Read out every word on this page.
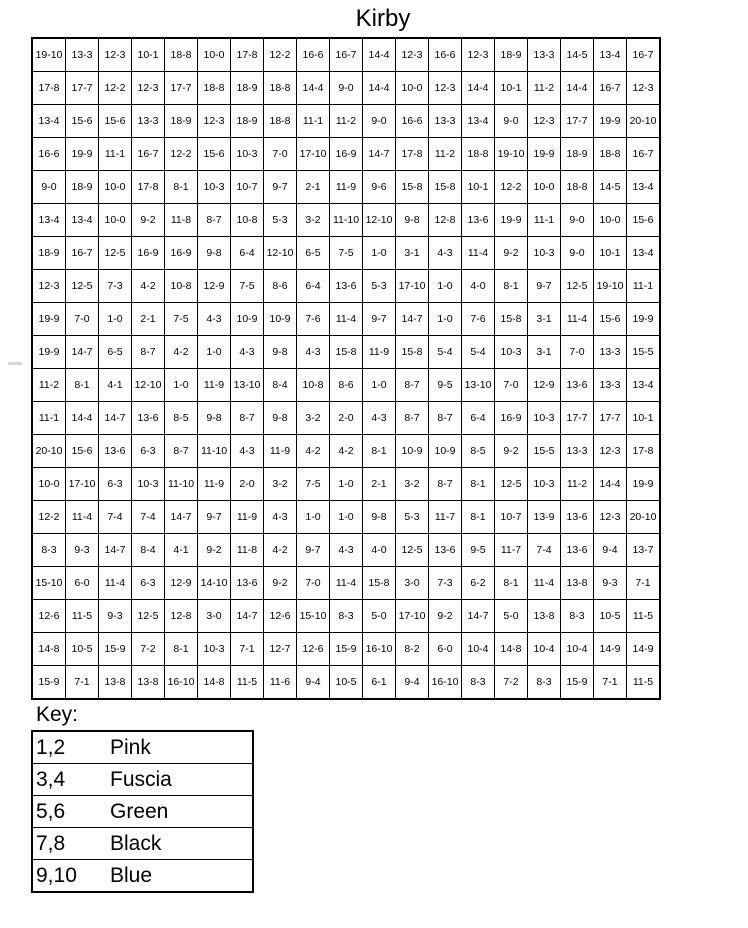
Kirby
19-10	13-3	12-3	10-1	18-8	10-0	17-8	12-2	16-6	16-7	14-4	12-3	16-6	12-3	18-9	13-3	14-5	13-4	16-7
17-8	17-7	12-2	12-3	17-7	18-8	18-9	18-8	14-4	9-0	14-4	10-0	12-3	14-4	10-1	11-2	14-4	16-7	12-3
13-4	15-6	15-6	13-3	18-9	12-3	18-9	18-8	11-1	11-2	9-0	16-6	13-3	13-4	9-0	12-3	17-7	19-9	20-10
16-6	19-9	11-1	16-7	12-2	15-6	10-3	7-0	17-10	16-9	14-7	17-8	11-2	18-8	19-10	19-9	18-9	18-8	16-7
9-0	18-9	10-0	17-8	8-1	10-3	10-7	9-7	2-1	11-9	9-6	15-8	15-8	10-1	12-2	10-0	18-8	14-5	13-4
13-4	13-4	10-0	9-2	11-8	8-7	10-8	5-3	3-2	11-10	12-10	9-8	12-8	13-6	19-9	11-1	9-0	10-0	15-6
18-9	16-7	12-5	16-9	16-9	9-8	6-4	12-10	6-5	7-5	1-0	3-1	4-3	11-4	9-2	10-3	9-0	10-1	13-4
12-3	12-5	7-3	4-2	10-8	12-9	7-5	8-6	6-4	13-6	5-3	17-10	1-0	4-0	8-1	9-7	12-5	19-10	11-1
19-9	7-0	1-0	2-1	7-5	4-3	10-9	10-9	7-6	11-4	9-7	14-7	1-0	7-6	15-8	3-1	11-4	15-6	19-9
19-9	14-7	6-5	8-7	4-2	1-0	4-3	9-8	4-3	15-8	11-9	15-8	5-4	5-4	10-3	3-1	7-0	13-3	15-5
11-2	8-1	4-1	12-10	1-0	11-9	13-10	8-4	10-8	8-6	1-0	8-7	9-5	13-10	7-0	12-9	13-6	13-3	13-4
11-1	14-4	14-7	13-6	8-5	9-8	8-7	9-8	3-2	2-0	4-3	8-7	8-7	6-4	16-9	10-3	17-7	17-7	10-1
20-10	15-6	13-6	6-3	8-7	11-10	4-3	11-9	4-2	4-2	8-1	10-9	10-9	8-5	9-2	15-5	13-3	12-3	17-8
10-0	17-10	6-3	10-3	11-10	11-9	2-0	3-2	7-5	1-0	2-1	3-2	8-7	8-1	12-5	10-3	11-2	14-4	19-9
12-2	11-4	7-4	7-4	14-7	9-7	11-9	4-3	1-0	1-0	9-8	5-3	11-7	8-1	10-7	13-9	13-6	12-3	20-10
8-3	9-3	14-7	8-4	4-1	9-2	11-8	4-2	9-7	4-3	4-0	12-5	13-6	9-5	11-7	7-4	13-6	9-4	13-7
15-10	6-0	11-4	6-3	12-9	14-10	13-6	9-2	7-0	11-4	15-8	3-0	7-3	6-2	8-1	11-4	13-8	9-3	7-1
12-6	11-5	9-3	12-5	12-8	3-0	14-7	12-6	15-10	8-3	5-0	17-10	9-2	14-7	5-0	13-8	8-3	10-5	11-5
14-8	10-5	15-9	7-2	8-1	10-3	7-1	12-7	12-6	15-9	16-10	8-2	6-0	10-4	14-8	10-4	10-4	14-9	14-9
15-9	7-1	13-8	13-8	16-10	14-8	11-5	11-6	9-4	10-5	6-1	9-4	16-10	8-3	7-2	8-3	15-9	7-1	11-5
Key:
1,2	Pink
3,4	Fuscia
5,6	Green
7,8	Black
9,10	Blue
